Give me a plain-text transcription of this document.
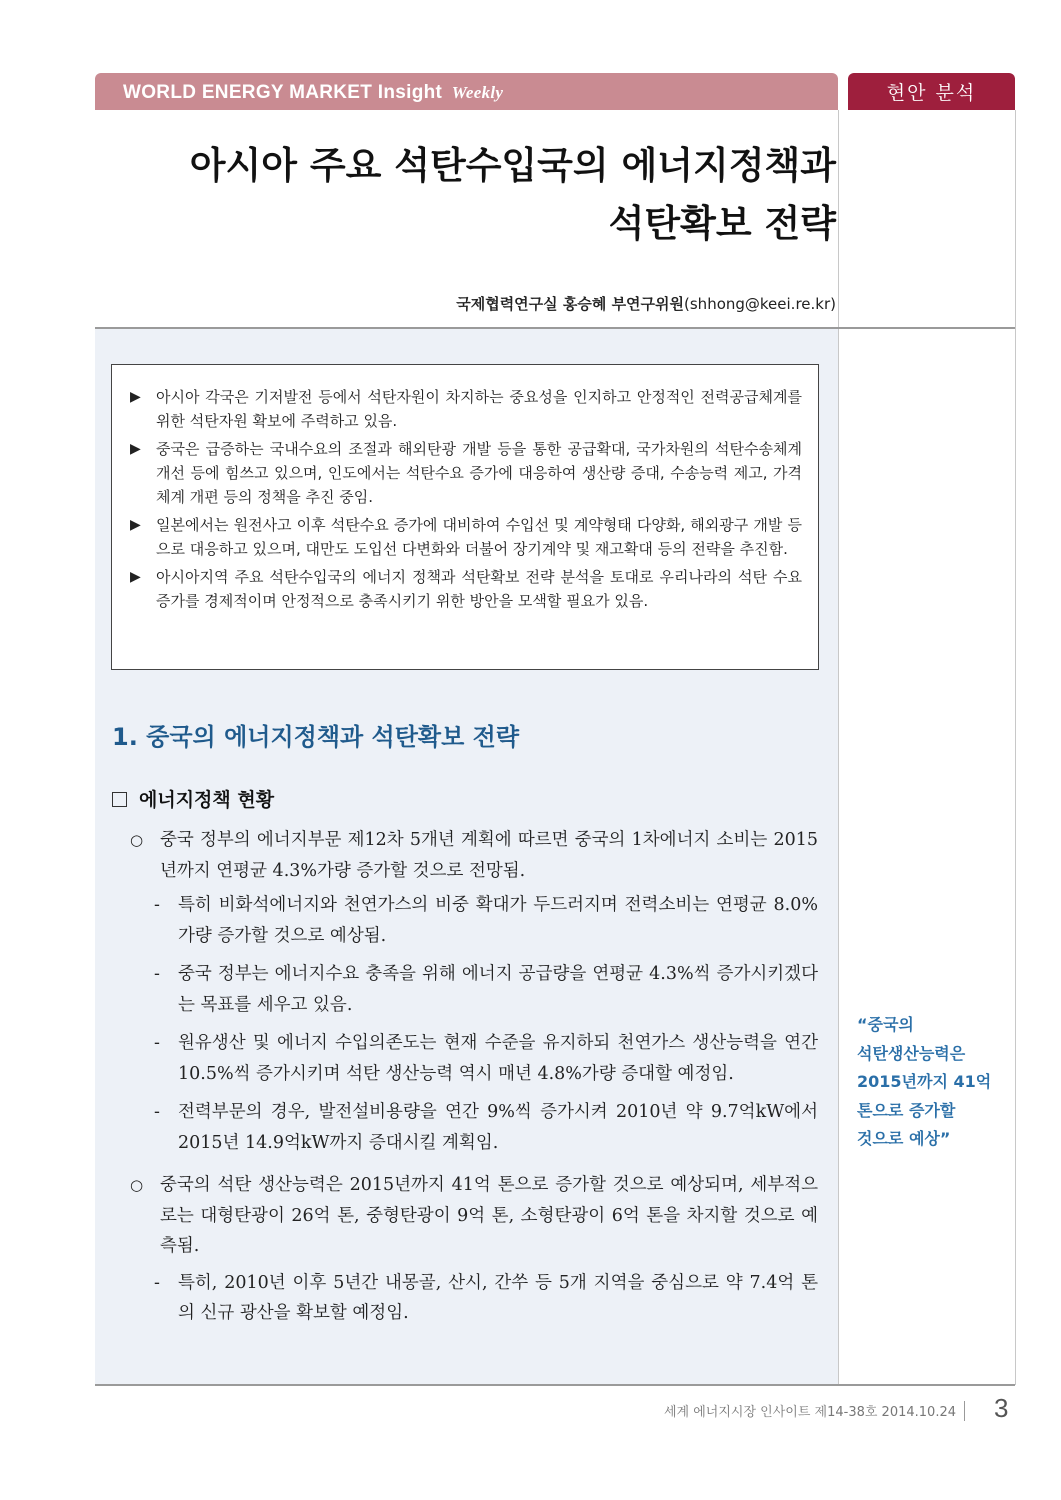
WORLD ENERGY MARKET Insight Weekly	현안 분석
아시아 주요 석탄수입국의 에너지정책과
석탄확보 전략
국제협력연구실 홍승혜 부연구위원(shhong@keei.re.kr)
▶	아시아 각국은 기저발전 등에서 석탄자원이 차지하는 중요성을 인지하고 안정적인 전력공급체계를 위한 석탄자원 확보에 주력하고 있음.
▶	중국은 급증하는 국내수요의 조절과 해외탄광 개발 등을 통한 공급확대, 국가차원의 석탄수송체계 개선 등에 힘쓰고 있으며, 인도에서는 석탄수요 증가에 대응하여 생산량 증대, 수송능력 제고, 가격체계 개편 등의 정책을 추진 중임.
▶	일본에서는 원전사고 이후 석탄수요 증가에 대비하여 수입선 및 계약형태 다양화, 해외광구 개발 등으로 대응하고 있으며, 대만도 도입선 다변화와 더불어 장기계약 및 재고확대 등의 전략을 추진함.
▶	아시아지역 주요 석탄수입국의 에너지 정책과 석탄확보 전략 분석을 토대로 우리나라의 석탄 수요증가를 경제적이며 안정적으로 충족시키기 위한 방안을 모색할 필요가 있음.
1. 중국의 에너지정책과 석탄확보 전략
에너지정책 현황
○ 중국 정부의 에너지부문 제12차 5개년 계획에 따르면 중국의 1차에너지 소비는 2015년까지 연평균 4.3%가량 증가할 것으로 전망됨.
-	특히 비화석에너지와 천연가스의 비중 확대가 두드러지며 전력소비는 연평균 8.0%가량 증가할 것으로 예상됨.
-	중국 정부는 에너지수요 충족을 위해 에너지 공급량을 연평균 4.3%씩 증가시키겠다는 목표를 세우고 있음.
-	원유생산 및 에너지 수입의존도는 현재 수준을 유지하되 천연가스 생산능력을 연간 10.5%씩 증가시키며 석탄 생산능력 역시 매년 4.8%가량 증대할 예정임.
-	전력부문의 경우, 발전설비용량을 연간 9%씩 증가시켜 2010년 약 9.7억kW에서 2015년 14.9억kW까지 증대시킬 계획임.
○ 중국의 석탄 생산능력은 2015년까지 41억 톤으로 증가할 것으로 예상되며, 세부적으로는 대형탄광이 26억 톤, 중형탄광이 9억 톤, 소형탄광이 6억 톤을 차지할 것으로 예측됨.
-	특히, 2010년 이후 5년간 내몽골, 산시, 간쑤 등 5개 지역을 중심으로 약 7.4억 톤의 신규 광산을 확보할 예정임.
“중국의
석탄생산능력은
2015년까지 41억
톤으로 증가할
것으로 예상”
세계 에너지시장 인사이트 제14-38호 2014.10.24	3
